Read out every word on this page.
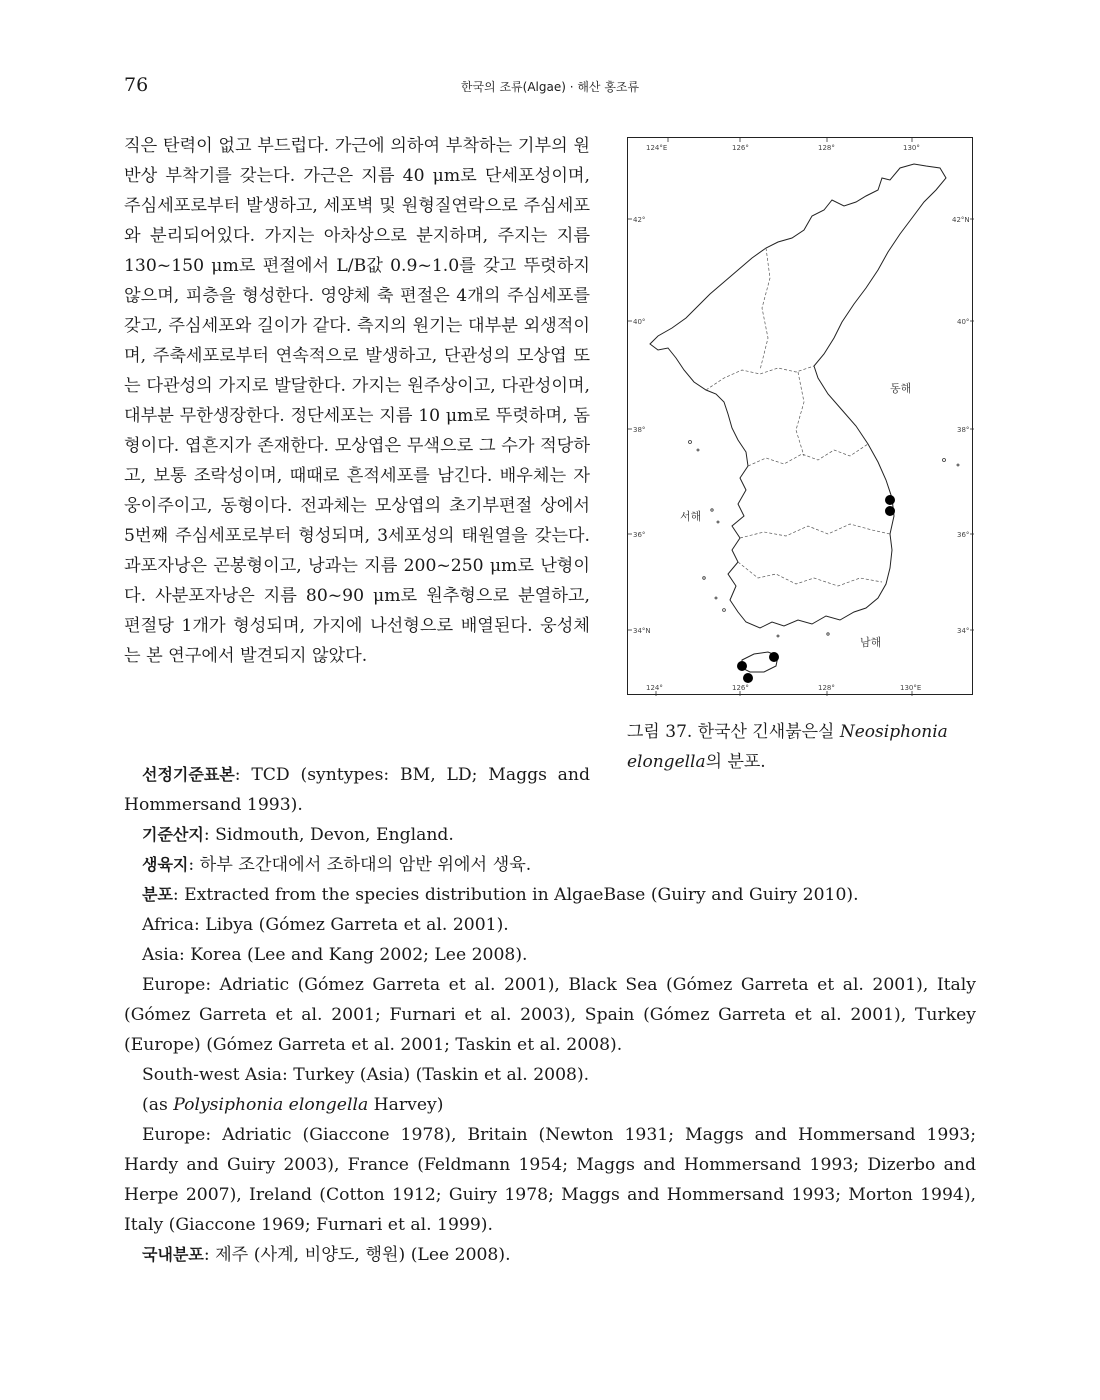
76	한국의 조류(Algae) · 해산 홍조류

직은 탄력이 없고 부드럽다. 가근에 의하여 부착하는 기부의 원반상 부착기를 갖는다. 가근은 지름 40 μm로 단세포성이며, 주심세포로부터 발생하고, 세포벽 및 원형질연락으로 주심세포와 분리되어있다. 가지는 아차상으로 분지하며, 주지는 지름 130~150 μm로 편절에서 L/B값 0.9~1.0를 갖고 뚜렷하지 않으며, 피층을 형성한다. 영양체 축 편절은 4개의 주심세포를 갖고, 주심세포와 길이가 같다. 측지의 원기는 대부분 외생적이며, 주축세포로부터 연속적으로 발생하고, 단관성의 모상엽 또는 다관성의 가지로 발달한다. 가지는 원주상이고, 다관성이며, 대부분 무한생장한다. 정단세포는 지름 10 μm로 뚜렷하며, 돔형이다. 엽흔지가 존재한다. 모상엽은 무색으로 그 수가 적당하고, 보통 조락성이며, 때때로 흔적세포를 남긴다. 배우체는 자웅이주이고, 동형이다. 전과체는 모상엽의 초기부편절 상에서 5번째 주심세포로부터 형성되며, 3세포성의 태원열을 갖는다. 과포자낭은 곤봉형이고, 낭과는 지름 200~250 μm로 난형이다. 사분포자낭은 지름 80~90 μm로 원추형으로 분열하고, 편절당 1개가 형성되며, 가지에 나선형으로 배열된다. 웅성체는 본 연구에서 발견되지 않았다.

124°E	126°	128°	130°
124°	126°	128°	130°E
42°
40°
38°
36°
34°N
42°N
40°
38°
36°
34°
동해
서해
남해
그림 37. 한국산 긴새붉은실 Neosiphonia elongella의 분포.

선정기준표본: TCD (syntypes: BM, LD; Maggs and Hommersand 1993).

기준산지: Sidmouth, Devon, England.

생육지: 하부 조간대에서 조하대의 암반 위에서 생육.

분포: Extracted from the species distribution in AlgaeBase (Guiry and Guiry 2010).

Africa: Libya (Gómez Garreta et al. 2001).

Asia: Korea (Lee and Kang 2002; Lee 2008).

Europe: Adriatic (Gómez Garreta et al. 2001), Black Sea (Gómez Garreta et al. 2001), Italy (Gómez Garreta et al. 2001; Furnari et al. 2003), Spain (Gómez Garreta et al. 2001), Turkey (Europe) (Gómez Garreta et al. 2001; Taskin et al. 2008).

South-west Asia: Turkey (Asia) (Taskin et al. 2008).

(as Polysiphonia elongella Harvey)

Europe: Adriatic (Giaccone 1978), Britain (Newton 1931; Maggs and Hommersand 1993; Hardy and Guiry 2003), France (Feldmann 1954; Maggs and Hommersand 1993; Dizerbo and Herpe 2007), Ireland (Cotton 1912; Guiry 1978; Maggs and Hommersand 1993; Morton 1994), Italy (Giaccone 1969; Furnari et al. 1999).

국내분포: 제주 (사계, 비양도, 행원) (Lee 2008).
